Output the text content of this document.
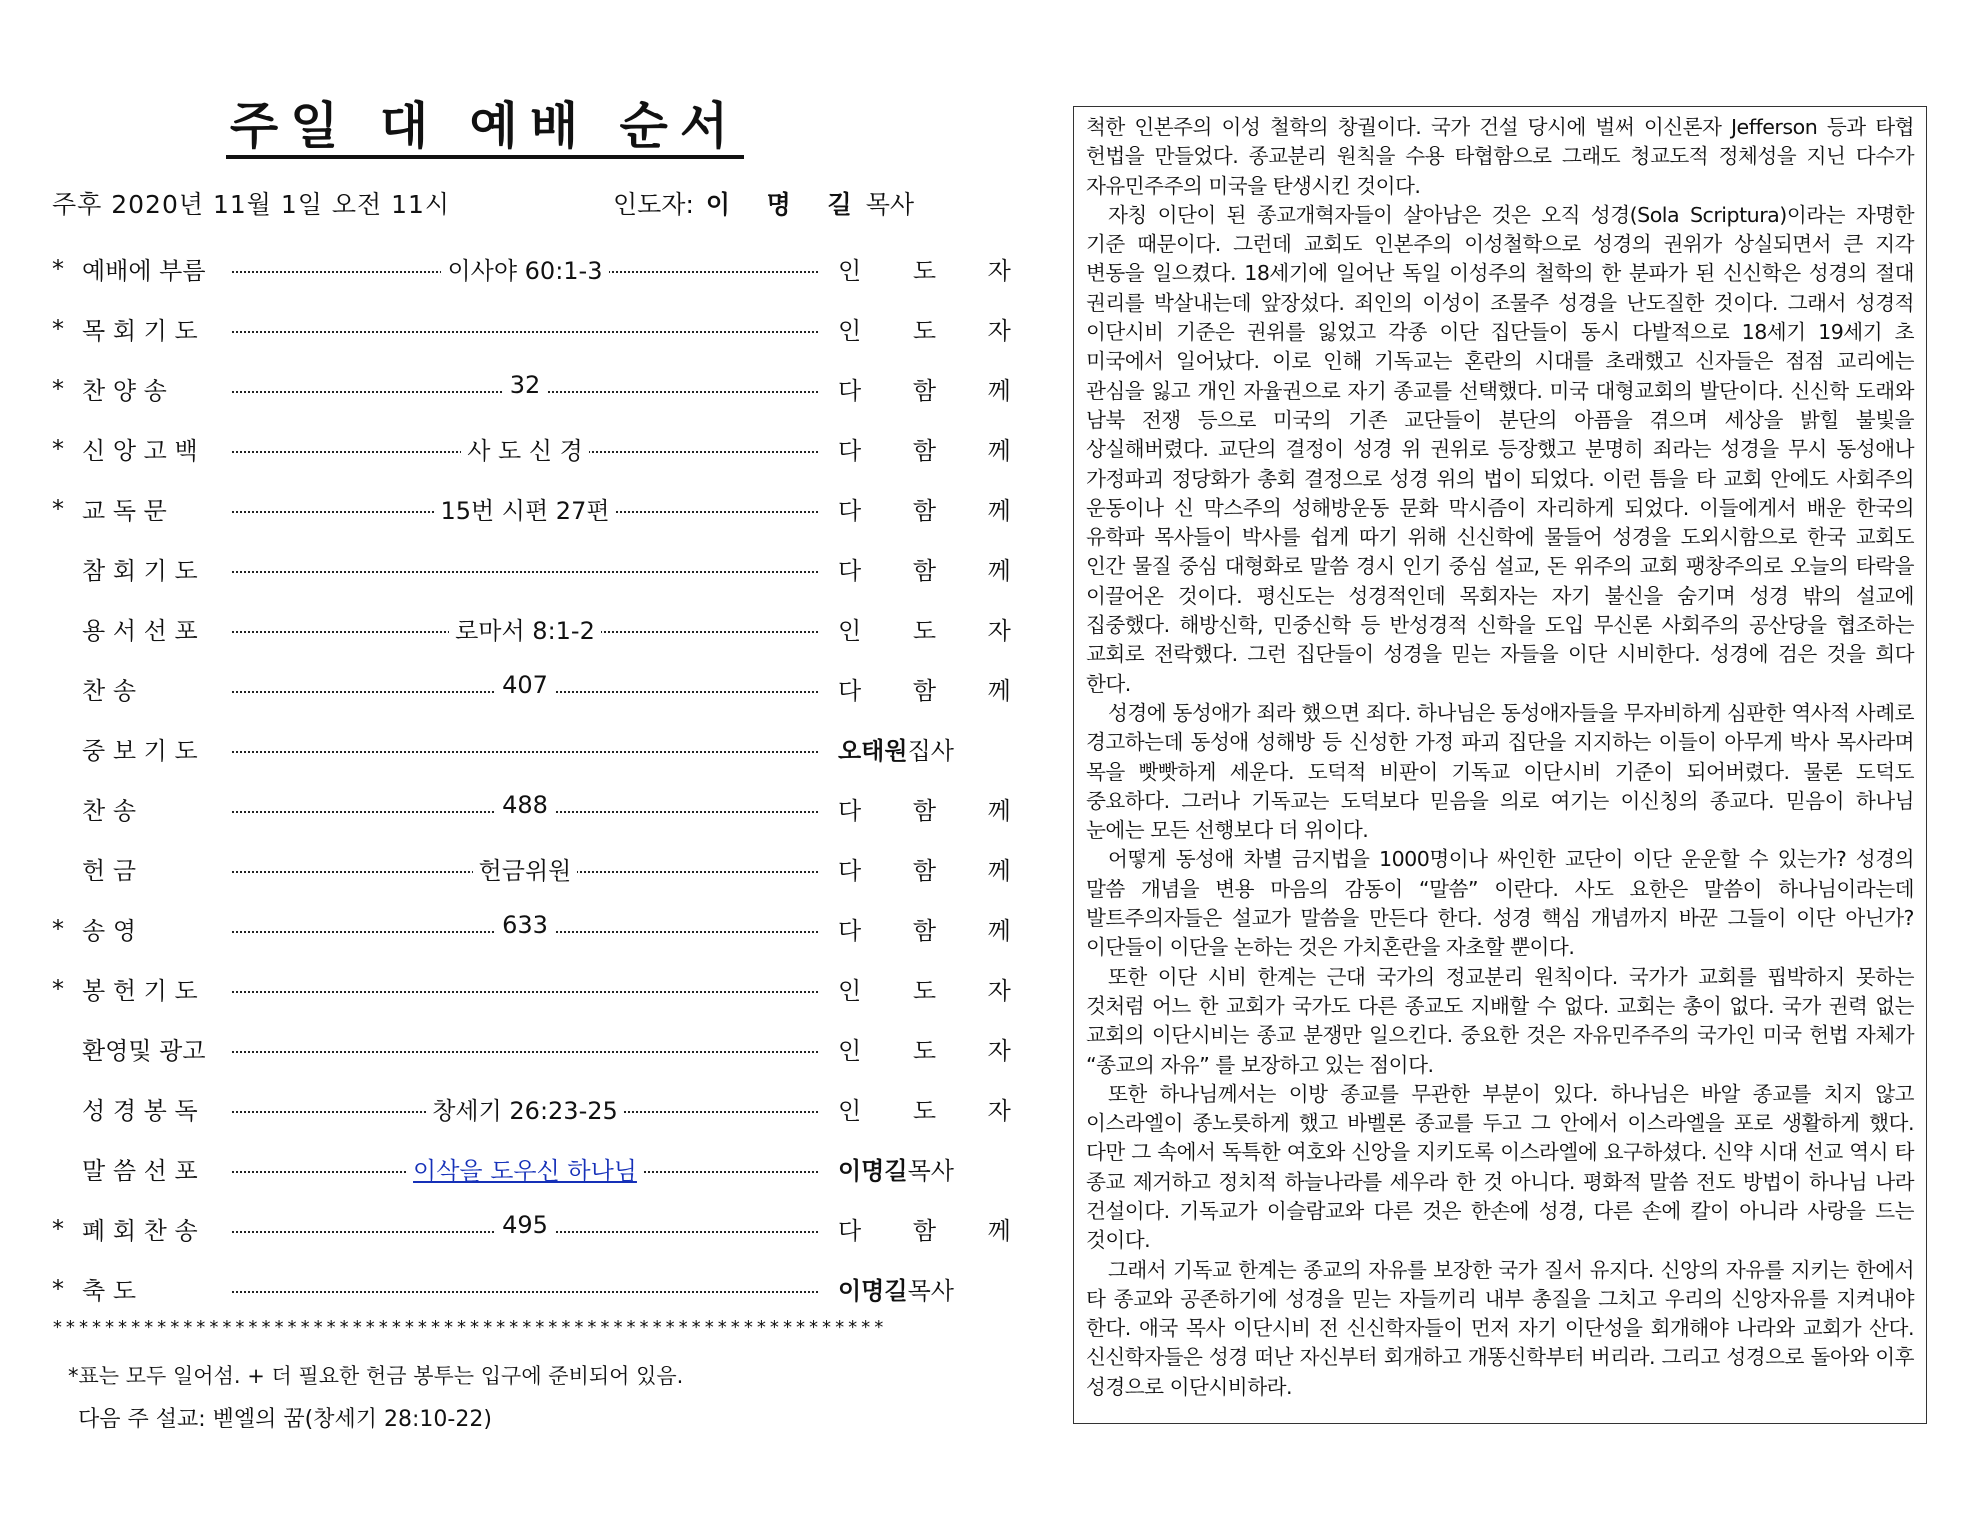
주일 대 예배 순서
주후 2020년 11월 1일 오전 11시	인도자: 이 명 길목사
* 예배에 부름	이사야 60:1-3	인 도 자
* 목 회 기 도	인 도 자
* 찬 양 송	32	다 함 께
* 신 앙 고 백	사 도 신 경	다 함 께
* 교 독 문	15번 시편 27편	다 함 께
참 회 기 도	다 함 께
용 서 선 포	로마서 8:1-2	인 도 자
찬 송	407	다 함 께
중 보 기 도	오태원집사
찬 송	488	다 함 께
헌 금	헌금위원	다 함 께
* 송 영	633	다 함 께
* 봉 헌 기 도	인 도 자
환영및 광고	인 도 자
성 경 봉 독	창세기 26:23-25	인 도 자
말 씀 선 포	이삭을 도우신 하나님	이명길목사
* 폐 회 찬 송	495	다 함 께
* 축 도	이명길목사
****************************************************************
*표는 모두 일어섬. + 더 필요한 헌금 봉투는 입구에 준비되어 있음.
다음 주 설교: 벧엘의 꿈(창세기 28:10-22)

척한 인본주의 이성 철학의 창궐이다. 국가 건설 당시에 벌써 이신론자 Jefferson 등과 타협 헌법을 만들었다. 종교분리 원칙을 수용 타협함으로 그래도 청교도적 정체성을 지닌 다수가 자유민주주의 미국을 탄생시킨 것이다.

자칭 이단이 된 종교개혁자들이 살아남은 것은 오직 성경(Sola Scriptura)이라는 자명한 기준 때문이다. 그런데 교회도 인본주의 이성철학으로 성경의 권위가 상실되면서 큰 지각 변동을 일으켰다. 18세기에 일어난 독일 이성주의 철학의 한 분파가 된 신신학은 성경의 절대 권리를 박살내는데 앞장섰다. 죄인의 이성이 조물주 성경을 난도질한 것이다. 그래서 성경적 이단시비 기준은 권위를 잃었고 각종 이단 집단들이 동시 다발적으로 18세기 19세기 초 미국에서 일어났다. 이로 인해 기독교는 혼란의 시대를 초래했고 신자들은 점점 교리에는 관심을 잃고 개인 자율권으로 자기 종교를 선택했다. 미국 대형교회의 발단이다. 신신학 도래와 남북 전쟁 등으로 미국의 기존 교단들이 분단의 아픔을 겪으며 세상을 밝힐 불빛을 상실해버렸다. 교단의 결정이 성경 위 권위로 등장했고 분명히 죄라는 성경을 무시 동성애나 가정파괴 정당화가 총회 결정으로 성경 위의 법이 되었다. 이런 틈을 타 교회 안에도 사회주의 운동이나 신 막스주의 성해방운동 문화 막시즘이 자리하게 되었다. 이들에게서 배운 한국의 유학파 목사들이 박사를 쉽게 따기 위해 신신학에 물들어 성경을 도외시함으로 한국 교회도 인간 물질 중심 대형화로 말씀 경시 인기 중심 설교, 돈 위주의 교회 팽창주의로 오늘의 타락을 이끌어온 것이다. 평신도는 성경적인데 목회자는 자기 불신을 숨기며 성경 밖의 설교에 집중했다. 해방신학, 민중신학 등 반성경적 신학을 도입 무신론 사회주의 공산당을 협조하는 교회로 전락했다. 그런 집단들이 성경을 믿는 자들을 이단 시비한다. 성경에 검은 것을 희다 한다.

성경에 동성애가 죄라 했으면 죄다. 하나님은 동성애자들을 무자비하게 심판한 역사적 사례로 경고하는데 동성애 성해방 등 신성한 가정 파괴 집단을 지지하는 이들이 아무게 박사 목사라며 목을 빳빳하게 세운다. 도덕적 비판이 기독교 이단시비 기준이 되어버렸다. 물론 도덕도 중요하다. 그러나 기독교는 도덕보다 믿음을 의로 여기는 이신칭의 종교다. 믿음이 하나님 눈에는 모든 선행보다 더 위이다.

어떻게 동성애 차별 금지법을 1000명이나 싸인한 교단이 이단 운운할 수 있는가? 성경의 말씀 개념을 변용 마음의 감동이 “말씀” 이란다. 사도 요한은 말씀이 하나님이라는데 발트주의자들은 설교가 말씀을 만든다 한다. 성경 핵심 개념까지 바꾼 그들이 이단 아닌가? 이단들이 이단을 논하는 것은 가치혼란을 자초할 뿐이다.

또한 이단 시비 한계는 근대 국가의 정교분리 원칙이다. 국가가 교회를 핍박하지 못하는 것처럼 어느 한 교회가 국가도 다른 종교도 지배할 수 없다. 교회는 총이 없다. 국가 권력 없는 교회의 이단시비는 종교 분쟁만 일으킨다. 중요한 것은 자유민주주의 국가인 미국 헌법 자체가 “종교의 자유” 를 보장하고 있는 점이다.

또한 하나님께서는 이방 종교를 무관한 부분이 있다. 하나님은 바알 종교를 치지 않고 이스라엘이 종노릇하게 했고 바벨론 종교를 두고 그 안에서 이스라엘을 포로 생활하게 했다. 다만 그 속에서 독특한 여호와 신앙을 지키도록 이스라엘에 요구하셨다. 신약 시대 선교 역시 타 종교 제거하고 정치적 하늘나라를 세우라 한 것 아니다. 평화적 말씀 전도 방법이 하나님 나라 건설이다. 기독교가 이슬람교와 다른 것은 한손에 성경, 다른 손에 칼이 아니라 사랑을 드는 것이다.

그래서 기독교 한계는 종교의 자유를 보장한 국가 질서 유지다. 신앙의 자유를 지키는 한에서 타 종교와 공존하기에 성경을 믿는 자들끼리 내부 총질을 그치고 우리의 신앙자유를 지켜내야 한다. 애국 목사 이단시비 전 신신학자들이 먼저 자기 이단성을 회개해야 나라와 교회가 산다. 신신학자들은 성경 떠난 자신부터 회개하고 개똥신학부터 버리라. 그리고 성경으로 돌아와 이후 성경으로 이단시비하라.
